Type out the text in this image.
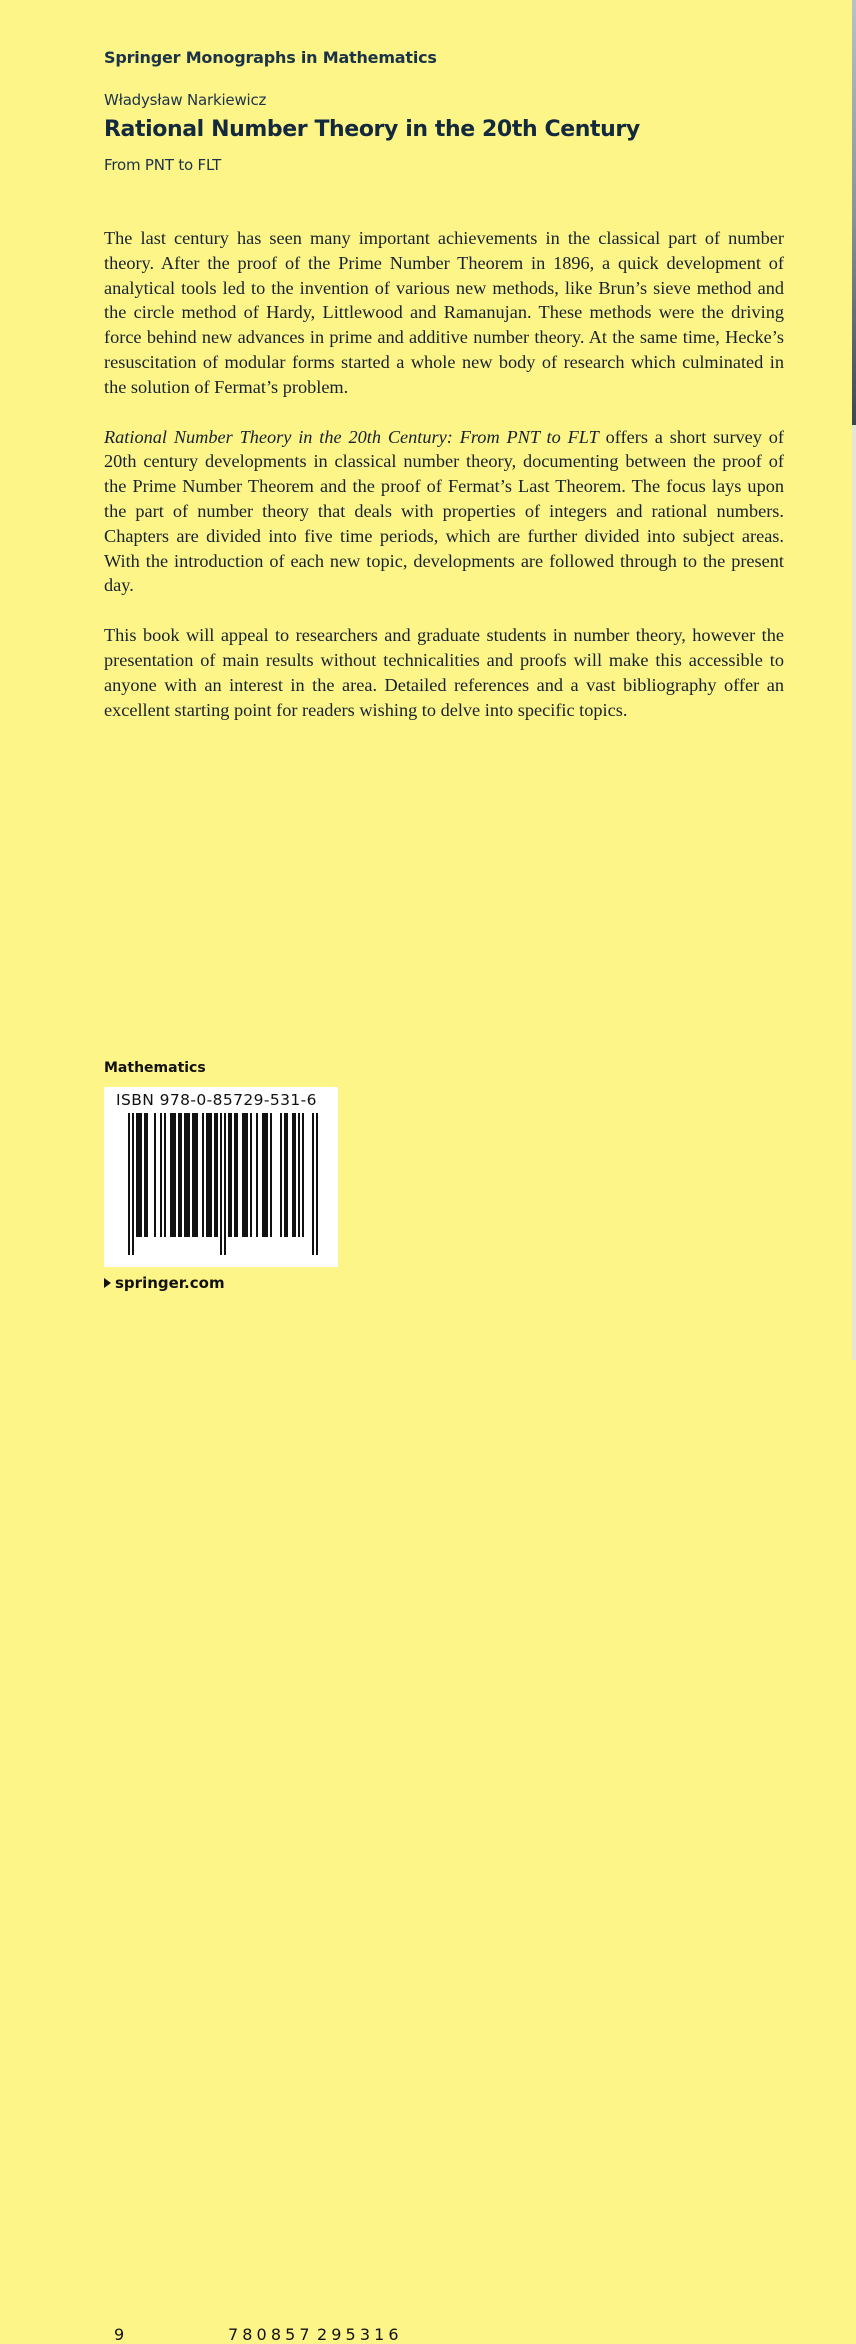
Springer Monographs in Mathematics
Władysław Narkiewicz
Rational Number Theory in the 20th Century
From PNT to FLT

The last century has seen many important achievements in the classical part of number theory. After the proof of the Prime Number Theorem in 1896, a quick development of analytical tools led to the invention of various new methods, like Brun’s sieve method and the circle method of Hardy, Littlewood and Ramanujan. These methods were the driving force behind new advances in prime and additive number theory. At the same time, Hecke’s resuscitation of modular forms started a whole new body of research which culminated in the solution of Fermat’s problem.

Rational Number Theory in the 20th Century: From PNT to FLT offers a short survey of 20th century developments in classical number theory, documenting between the proof of the Prime Number Theorem and the proof of Fermat’s Last Theorem. The focus lays upon the part of number theory that deals with properties of integers and rational numbers. Chapters are divided into five time periods, which are further divided into subject areas. With the introduction of each new topic, developments are followed through to the present day.

This book will appeal to researchers and graduate students in number theory, however the presentation of main results without technicalities and proofs will make this accessible to anyone with an interest in the area. Detailed references and a vast bibliography offer an excellent starting point for readers wishing to delve into specific topics.

Mathematics
ISBN 978-0-85729-531-6
9	780857 295316
springer.com
